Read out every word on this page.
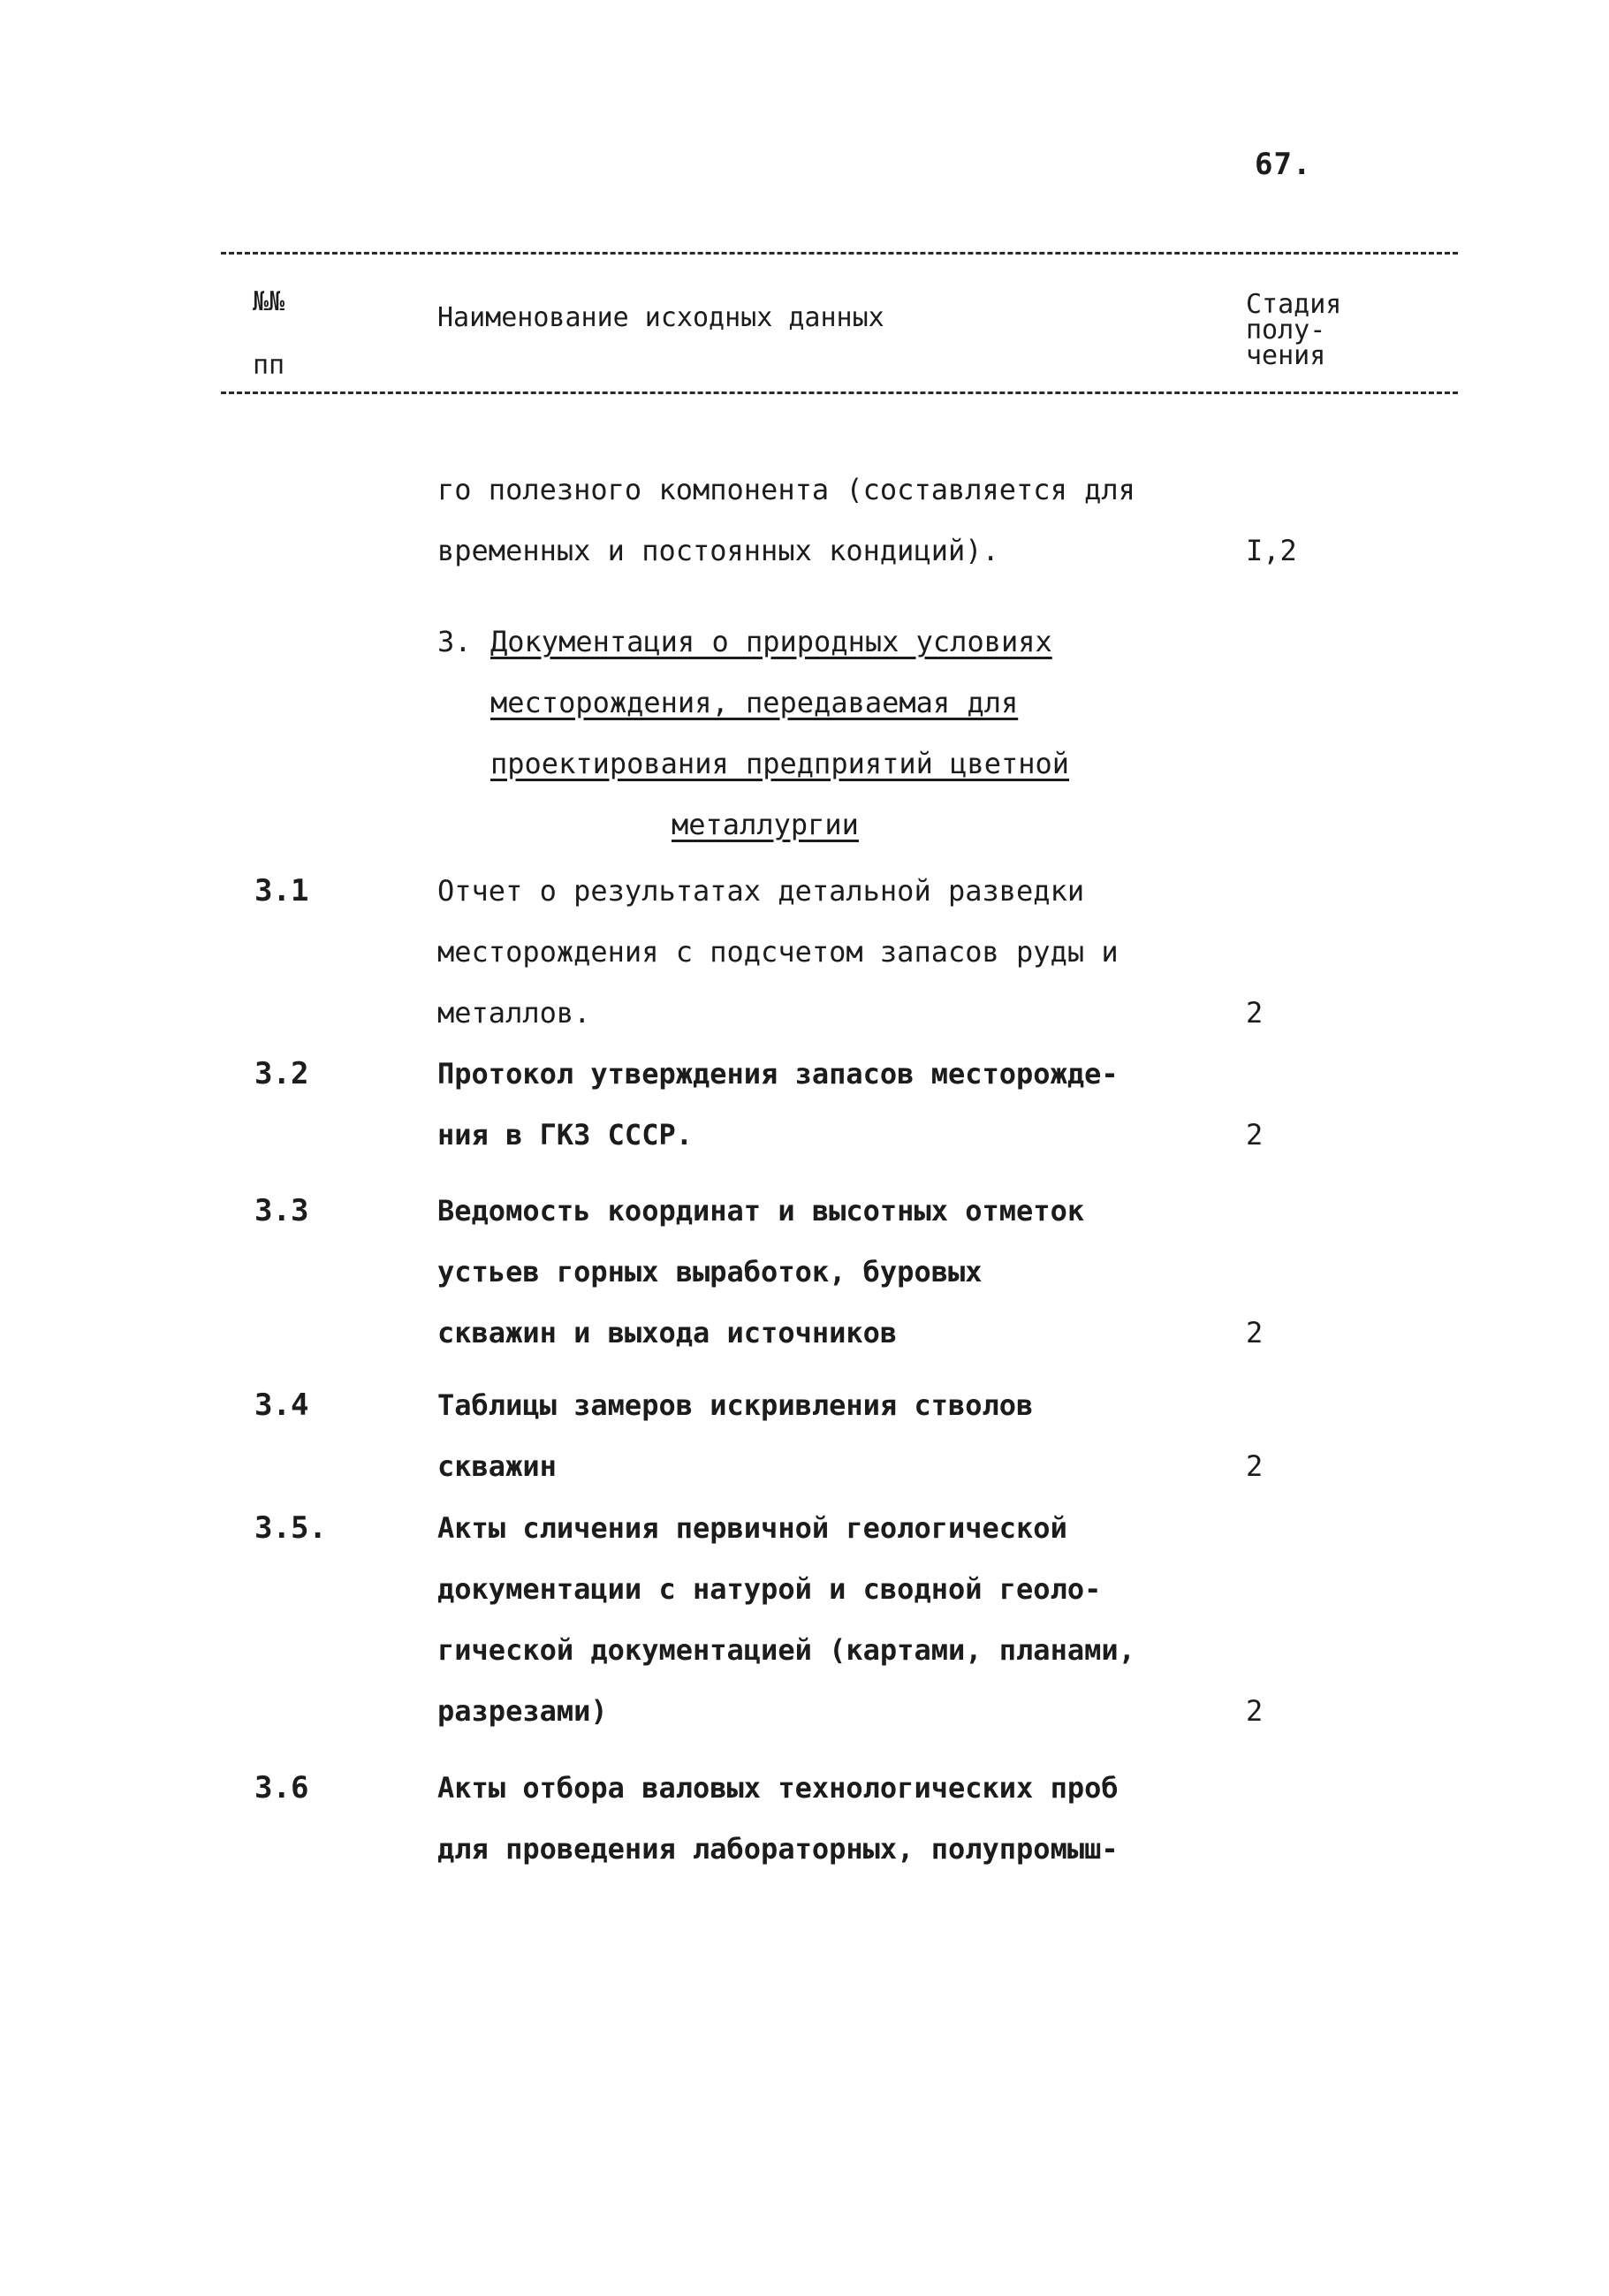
67.
№№
пп
Наименование исходных данных	Стадия
полу-
чения
го полезного компонента (составляется для
временных и постоянных кондиций).	I,2
3. Документация о природных условиях
месторождения, передаваемая для
проектирования предприятий цветной
металлургии
3.1	Отчет о результатах детальной разведки
месторождения с подсчетом запасов руды и
металлов.	2
3.2	Протокол утверждения запасов месторожде-
ния в ГКЗ СССР.	2
3.3	Ведомость координат и высотных отметок
устьев горных выработок, буровых
скважин и выхода источников	2
3.4	Таблицы замеров искривления стволов
скважин	2
3.5.	Акты сличения первичной геологической
документации с натурой и сводной геоло-
гической документацией (картами, планами,
разрезами)	2
3.6	Акты отбора валовых технологических проб
для проведения лабораторных, полупромыш-
